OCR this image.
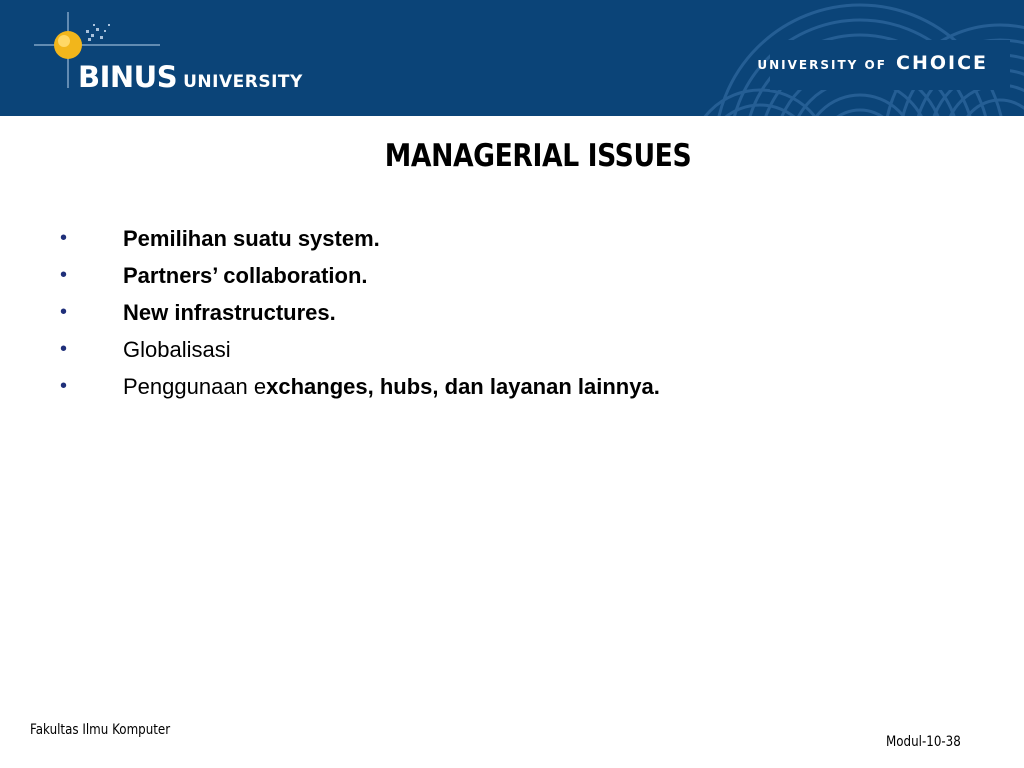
BINUS UNIVERSITY
UNIVERSITY OF CHOICE
MANAGERIAL ISSUES
•	Pemilihan suatu system.
•	Partners’ collaboration.
•	New infrastructures.
•	Globalisasi
•	Penggunaan exchanges, hubs, dan layanan lainnya.
Fakultas Ilmu Komputer
Modul-10-38
